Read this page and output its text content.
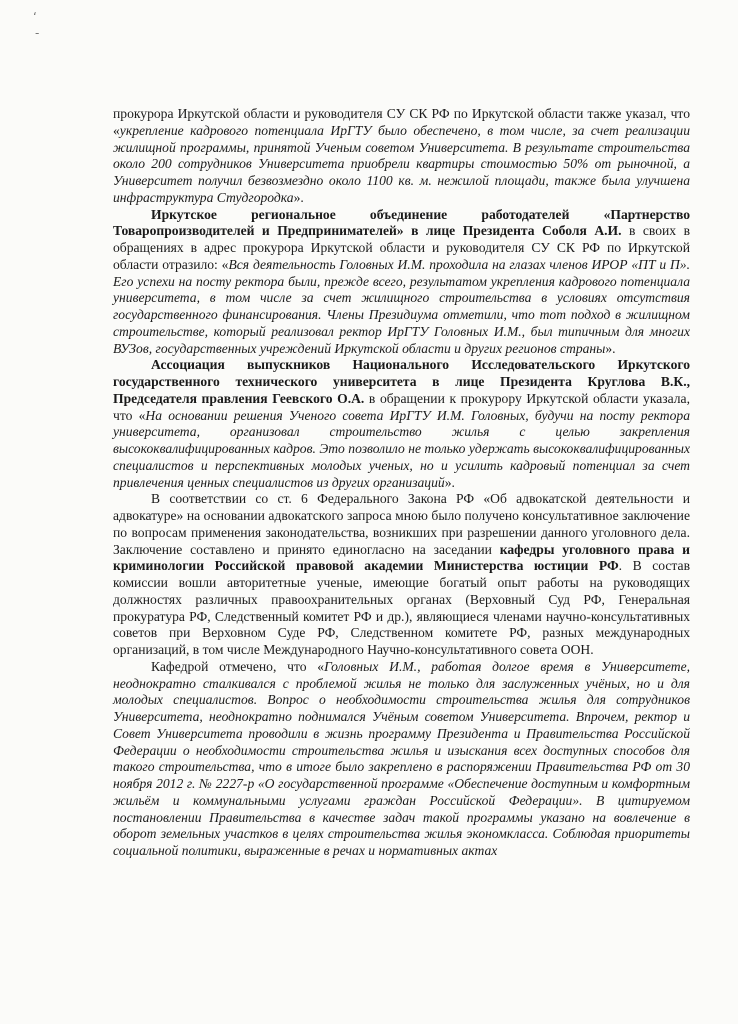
‘
-

прокурора Иркутской области и руководителя СУ СК РФ по Иркутской области также указал, что «укрепление кадрового потенциала ИрГТУ было обеспечено, в том числе, за счет реализации жилищной программы, принятой Ученым советом Университета. В результате строительства около 200 сотрудников Университета приобрели квартиры стоимостью 50% от рыночной, а Университет получил безвозмездно около 1100 кв. м. нежилой площади, также была улучшена инфраструктура Студгородка».

Иркутское региональное объединение работодателей «Партнерство Товаропроизводителей и Предпринимателей» в лице Президента Соболя А.И. в своих в обращениях в адрес прокурора Иркутской области и руководителя СУ СК РФ по Иркутской области отразило: «Вся деятельность Головных И.М. проходила на глазах членов ИРОР «ПТ и П». Его успехи на посту ректора были, прежде всего, результатом укрепления кадрового потенциала университета, в том числе за счет жилищного строительства в условиях отсутствия государственного финансирования. Члены Президиума отметили, что тот подход в жилищном строительстве, который реализовал ректор ИрГТУ Головных И.М., был типичным для многих ВУЗов, государственных учреждений Иркутской области и других регионов страны».

Ассоциация выпускников Национального Исследовательского Иркутского государственного технического университета в лице Президента Круглова В.К., Председателя правления Геевского О.А. в обращении к прокурору Иркутской области указала, что «На основании решения Ученого совета ИрГТУ И.М. Головных, будучи на посту ректора университета, организовал строительство жилья с целью закрепления высококвалифицированных кадров. Это позволило не только удержать высококвалифицированных специалистов и перспективных молодых ученых, но и усилить кадровый потенциал за счет привлечения ценных специалистов из других организаций».

В соответствии со ст. 6 Федерального Закона РФ «Об адвокатской деятельности и адвокатуре» на основании адвокатского запроса мною было получено консультативное заключение по вопросам применения законодательства, возникших при разрешении данного уголовного дела. Заключение составлено и принято единогласно на заседании кафедры уголовного права и криминологии Российской правовой академии Министерства юстиции РФ. В состав комиссии вошли авторитетные ученые, имеющие богатый опыт работы на руководящих должностях различных правоохранительных органах (Верховный Суд РФ, Генеральная прокуратура РФ, Следственный комитет РФ и др.), являющиеся членами научно-консультативных советов при Верховном Суде РФ, Следственном комитете РФ, разных международных организаций, в том числе Международного Научно-консультативного совета ООН.

Кафедрой отмечено, что «Головных И.М., работая долгое время в Университете, неоднократно сталкивался с проблемой жилья не только для заслуженных учёных, но и для молодых специалистов. Вопрос о необходимости строительства жилья для сотрудников Университета, неоднократно поднимался Учёным советом Университета. Впрочем, ректор и Совет Университета проводили в жизнь программу Президента и Правительства Российской Федерации о необходимости строительства жилья и изыскания всех доступных способов для такого строительства, что в итоге было закреплено в распоряжении Правительства РФ от 30 ноября 2012 г. № 2227-р «О государственной программе «Обеспечение доступным и комфортным жильём и коммунальными услугами граждан Российской Федерации». В цитируемом постановлении Правительства в качестве задач такой программы указано на вовлечение в оборот земельных участков в целях строительства жилья экономкласса. Соблюдая приоритеты социальной политики, выраженные в речах и нормативных актах
